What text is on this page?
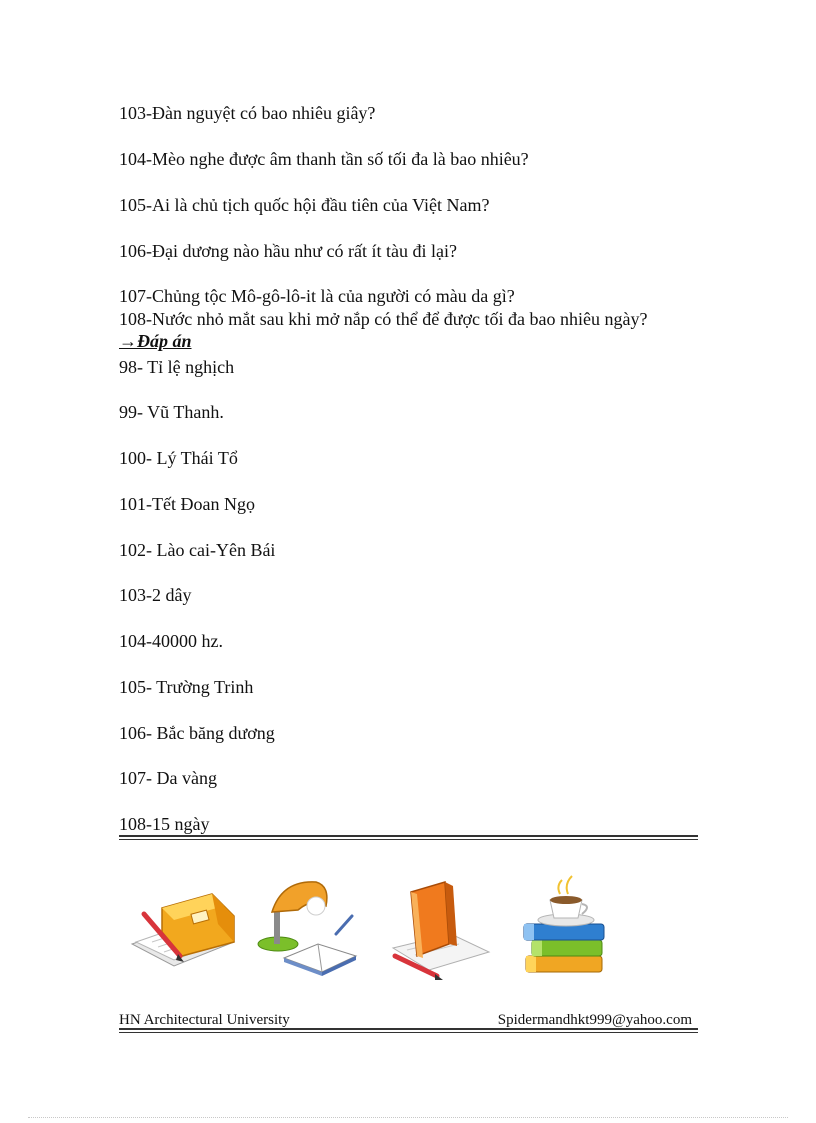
103-Đàn nguyệt có bao nhiêu giây?
104-Mèo nghe được âm thanh tần số tối đa là bao nhiêu?
105-Ai là chủ tịch quốc hội đầu tiên của Việt Nam?
106-Đại dương nào hầu như có rất ít tàu đi lại?
107-Chủng tộc Mô-gô-lô-it là của người có màu da gì?
108-Nước nhỏ mắt sau khi mở nắp có thể để được tối đa bao nhiêu ngày?
→Đáp án
98- Tỉ lệ nghịch
99- Vũ Thanh.
100- Lý Thái Tổ
101-Tết Đoan Ngọ
102- Lào cai-Yên Bái
103-2 dây
104-40000 hz.
105- Trường Trinh
106- Bắc băng dương
107- Da vàng
108-15 ngày
HN Architectural University	Spidermandhkt999@yahoo.com
